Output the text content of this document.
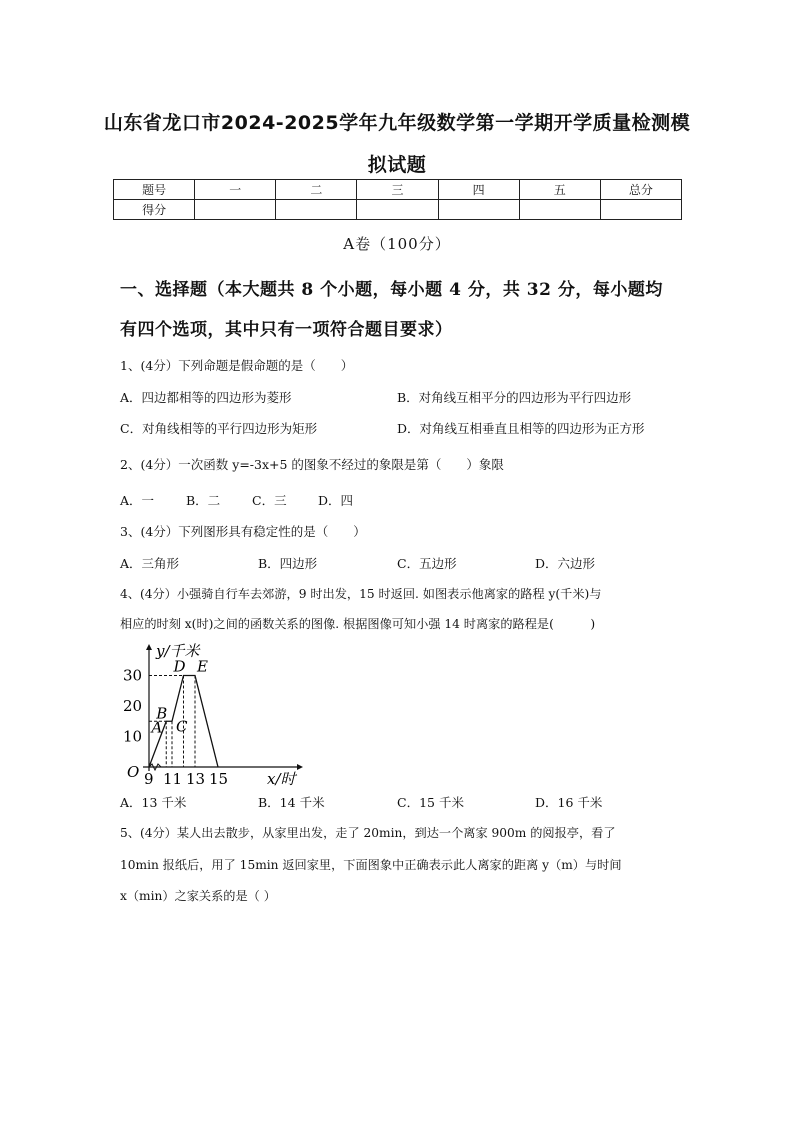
山东省龙口市2024-2025学年九年级数学第一学期开学质量检测模
拟试题
题号	一	二	三	四	五	总分
得分						
A卷（100分）
一、选择题（本大题共 8 个小题，每小题 4 分，共 32 分，每小题均
有四个选项，其中只有一项符合题目要求）
1、(4分）下列命题是假命题的是（　　）
A．四边都相等的四边形为菱形	B．对角线互相平分的四边形为平行四边形
C．对角线相等的平行四边形为矩形	D．对角线互相垂直且相等的四边形为正方形
2、(4分）一次函数 y=-3x+5 的图象不经过的象限是第（　　）象限
A．一	B．二	C．三	D．四
3、(4分）下列图形具有稳定性的是（　　）
A．三角形	B．四边形	C．五边形	D．六边形
4、(4分）小强骑自行车去郊游，9 时出发，15 时返回. 如图表示他离家的路程 y(千米)与
相应的时刻 x(时)之间的函数关系的图像. 根据图像可知小强 14 时离家的路程是(　　　)
10
20
30
9 11 13 15
O
y/千米
x/时
A
B
C
D E
A．13 千米	B．14 千米	C．15 千米	D．16 千米
5、(4分）某人出去散步，从家里出发，走了 20min，到达一个离家 900m 的阅报亭，看了
10min 报纸后，用了 15min 返回家里，下面图象中正确表示此人离家的距离 y（m）与时间
x（min）之家关系的是（ ）
